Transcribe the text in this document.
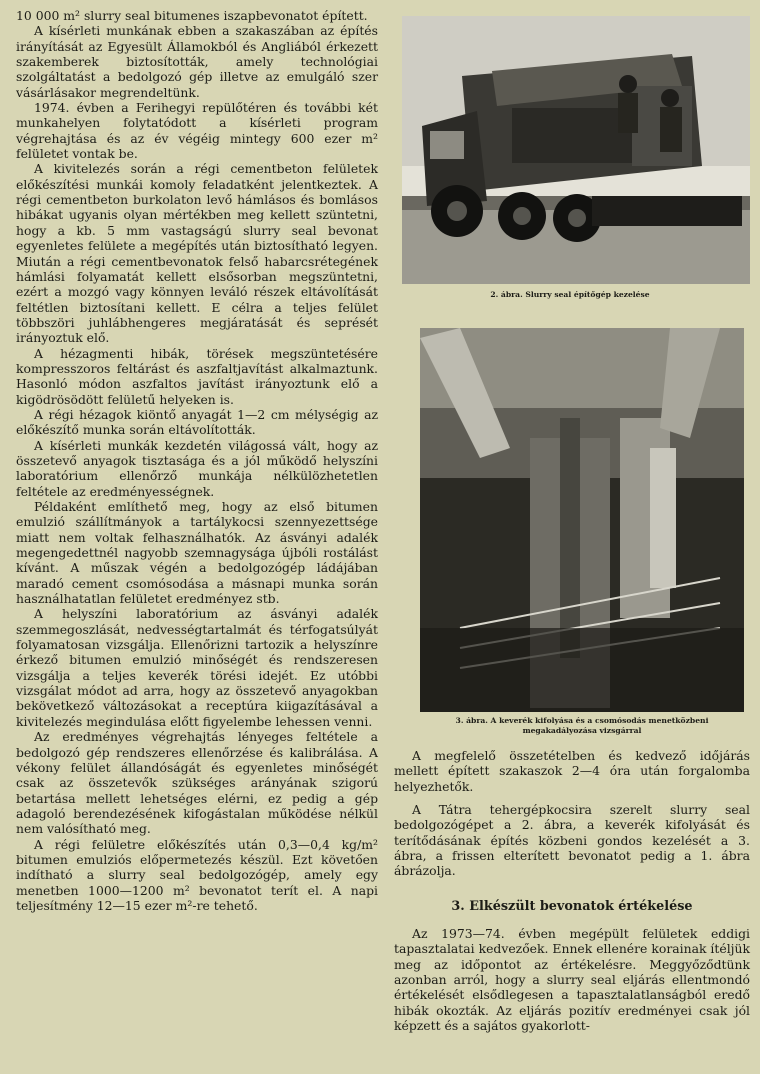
10 000 m² slurry seal bitumenes iszapbevonatot épített.

A kísérleti munkának ebben a szakaszában az építés irányítását az Egyesült Államokból és Angliából érkezett szakemberek biztosították, amely technológiai szolgáltatást a bedolgozó gép illetve az emulgáló szer vásárlásakor megrendeltünk.

1974. évben a Ferihegyi repülőtéren és további két munkahelyen folytatódott a kísérleti program végrehajtása és az év végéig mintegy 600 ezer m² felületet vontak be.

A kivitelezés során a régi cementbeton felületek előkészítési munkái komoly feladatként jelentkeztek. A régi cementbeton burkolaton levő hámlásos és bomlásos hibákat ugyanis olyan mértékben meg kellett szüntetni, hogy a kb. 5 mm vastagságú slurry seal bevonat egyenletes felülete a megépítés után biztosítható legyen. Miután a régi cementbevonatok felső habarcsrétegének hámlási folyamatát kellett elsősorban megszüntetni, ezért a mozgó vagy könnyen leváló részek eltávolítását feltétlen biztosítani kellett. E célra a teljes felület többszöri juhlábhengeres megjáratását és seprését irányoztuk elő.

A hézagmenti hibák, törések megszüntetésére kompresszoros feltárást és aszfaltjavítást alkalmaztunk. Hasonló módon aszfaltos javítást irányoztunk elő a kigödrösödött felületű helyeken is.

A régi hézagok kiöntő anyagát 1—2 cm mélységig az előkészítő munka során eltávolították.

A kísérleti munkák kezdetén világossá vált, hogy az összetevő anyagok tisztasága és a jól működő helyszíni laboratórium ellenőrző munkája nélkülözhetetlen feltétele az eredményességnek.

Példaként említhető meg, hogy az első bitumen emulzió szállítmányok a tartálykocsi szennyezettsége miatt nem voltak felhasználhatók. Az ásványi adalék megengedettnél nagyobb szemnagysága újbóli rostálást kívánt. A műszak végén a bedolgozógép ládájában maradó cement csomósodása a másnapi munka során használhatatlan felületet eredményez stb.

A helyszíni laboratórium az ásványi adalék szemmegoszlását, nedvességtartalmát és térfogatsúlyát folyamatosan vizsgálja. Ellenőrizni tartozik a helyszínre érkező bitumen emulzió minőségét és rendszeresen vizsgálja a teljes keverék törési idejét. Ez utóbbi vizsgálat módot ad arra, hogy az összetevő anyagokban bekövetkező változásokat a receptúra kiigazításával a kivitelezés megindulása előtt figyelembe lehessen venni.

Az eredményes végrehajtás lényeges feltétele a bedolgozó gép rendszeres ellenőrzése és kalibrálása. A vékony felület állandóságát és egyenletes minőségét csak az összetevők szükséges arányának szigorú betartása mellett lehetséges elérni, ez pedig a gép adagoló berendezésének kifogástalan működése nélkül nem valósítható meg.

A régi felületre előkészítés után 0,3—0,4 kg/m² bitumen emulziós előpermetezés készül. Ezt követően indítható a slurry seal bedolgozógép, amely egy menetben 1000—1200 m² bevonatot terít el. A napi teljesítmény 12—15 ezer m²-re tehető.

2. ábra. Slurry seal építőgép kezelése
3. ábra. A keverék kifolyása és a csomósodás menetközbeni megakadályozása vizsgárral

A megfelelő összetételben és kedvező időjárás mellett épített szakaszok 2—4 óra után forgalomba helyezhetők.

A Tátra tehergépkocsira szerelt slurry seal bedolgozógépet a 2. ábra, a keverék kifolyását és terítődásának építés közbeni gondos kezelését a 3. ábra, a frissen elterített bevonatot pedig a 1. ábra ábrázolja.

3. Elkészült bevonatok értékelése

Az 1973—74. évben megépült felületek eddigi tapasztalatai kedvezőek. Ennek ellenére korainak ítéljük meg az időpontot az értékelésre. Meggyőződtünk azonban arról, hogy a slurry seal eljárás ellentmondó értékelését elsődlegesen a tapasztalatlanságból eredő hibák okozták. Az eljárás pozitív eredményei csak jól képzett és a sajátos gyakorlott-
